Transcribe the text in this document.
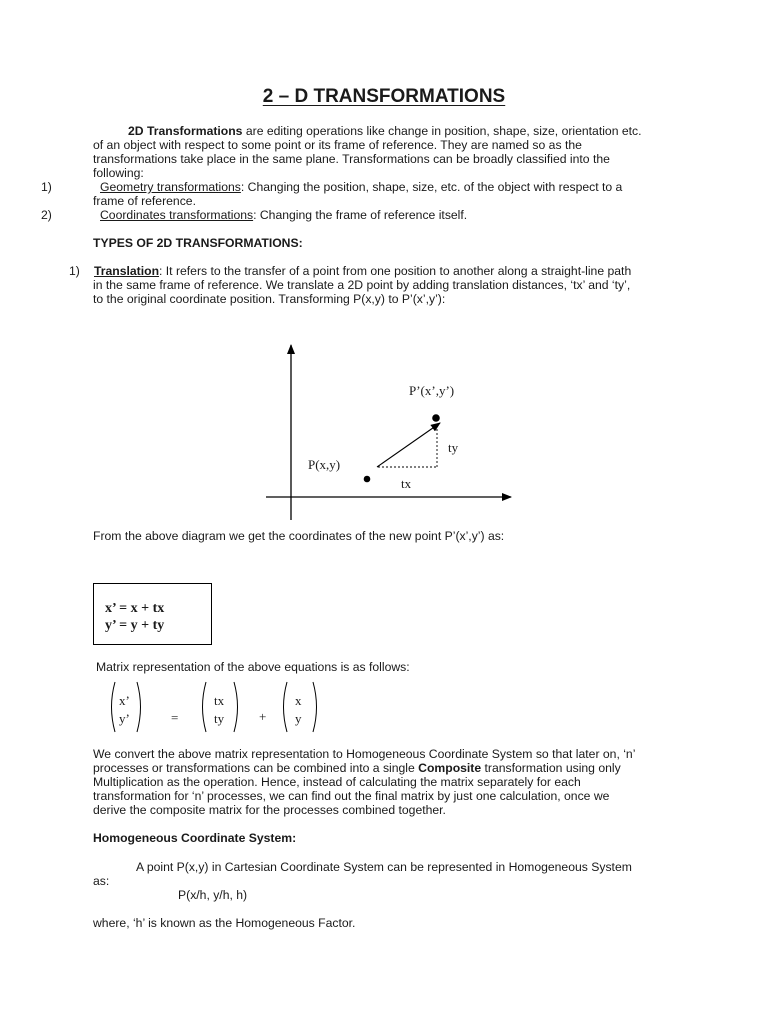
2 – D TRANSFORMATIONS
2D Transformations are editing operations like change in position, shape, size, orientation etc.
of an object with respect to some point or its frame of reference. They are named so as the
transformations take place in the same plane. Transformations can be broadly classified into the
following:
1)	Geometry transformations: Changing the position, shape, size, etc. of the object with respect to a
frame of reference.
2)	Coordinates transformations: Changing the frame of reference itself.
TYPES OF 2D TRANSFORMATIONS:
1) Translation: It refers to the transfer of a point from one position to another along a straight-line path
in the same frame of reference. We translate a 2D point by adding translation distances, ‘tx’ and ‘ty’,
to the original coordinate position. Transforming P(x,y) to P’(x’,y’):
P(x,y)
P’(x’,y’)
tx
ty
From the above diagram we get the coordinates of the new point P’(x’,y’) as:
x’ = x + tx
y’ = y + ty
Matrix representation of the above equations is as follows:
x’
y’	=
tx
ty	+
x
y
We convert the above matrix representation to Homogeneous Coordinate System so that later on, ‘n’
processes or transformations can be combined into a single Composite transformation using only
Multiplication as the operation. Hence, instead of calculating the matrix separately for each
transformation for ‘n’ processes, we can find out the final matrix by just one calculation, once we
derive the composite matrix for the processes combined together.
Homogeneous Coordinate System:
A point P(x,y) in Cartesian Coordinate System can be represented in Homogeneous System
as:
P(x/h, y/h, h)
where, ‘h’ is known as the Homogeneous Factor.
